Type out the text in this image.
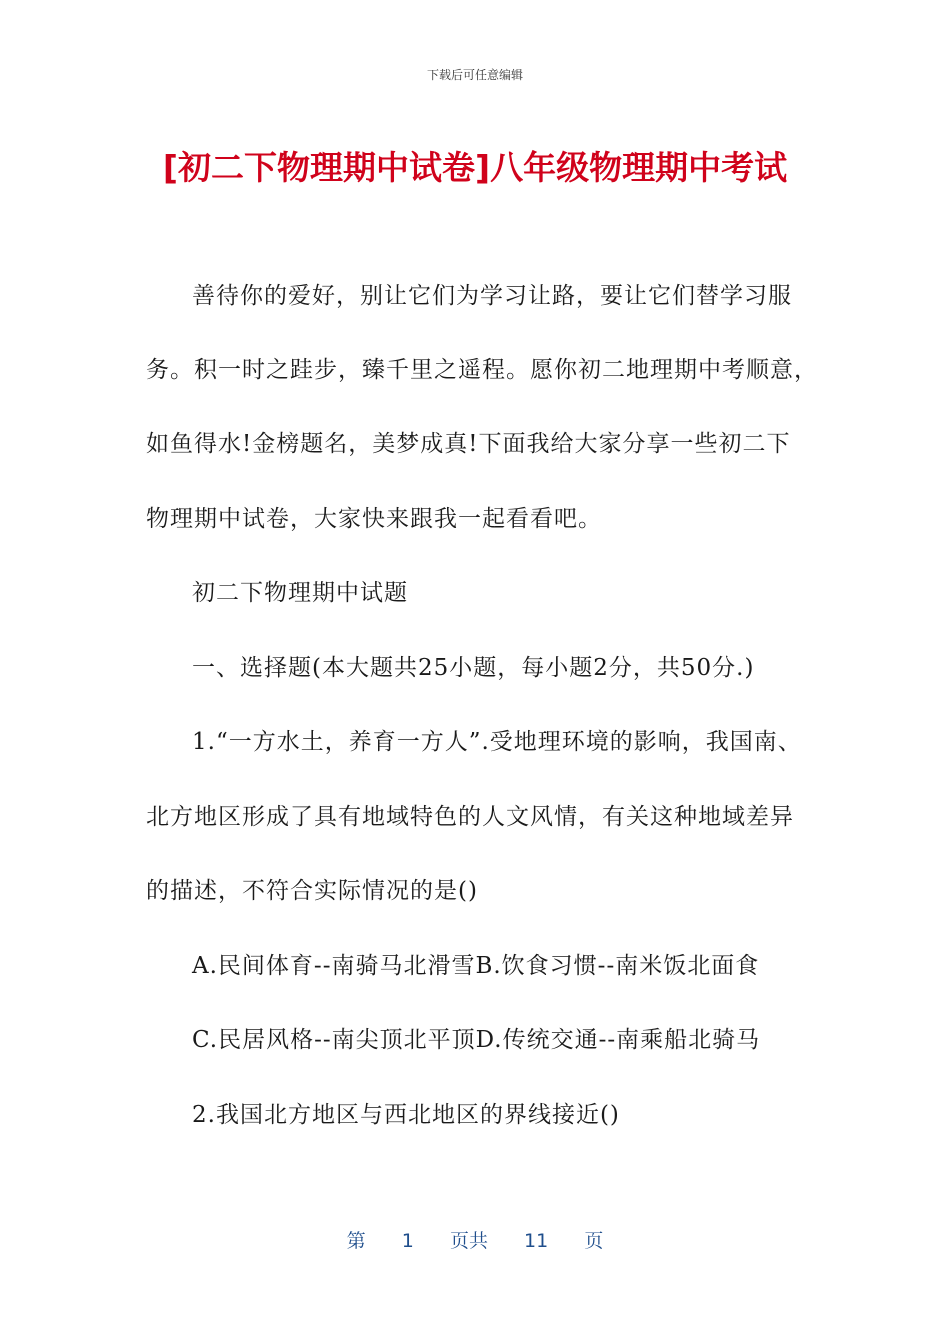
下载后可任意编辑
[初二下物理期中试卷]八年级物理期中考试
善待你的爱好，别让它们为学习让路，要让它们替学习服
务。积一时之跬步，臻千里之遥程。愿你初二地理期中考顺意，
如鱼得水!金榜题名，美梦成真!下面我给大家分享一些初二下
物理期中试卷，大家快来跟我一起看看吧。
初二下物理期中试题
一、选择题(本大题共25小题，每小题2分，共50分.)
1.“一方水土，养育一方人”.受地理环境的影响，我国南、
北方地区形成了具有地域特色的人文风情，有关这种地域差异
的描述，不符合实际情况的是()
A.民间体育--南骑马北滑雪B.饮食习惯--南米饭北面食
C.民居风格--南尖顶北平顶D.传统交通--南乘船北骑马
2.我国北方地区与西北地区的界线接近()
第 1 页共 11 页
